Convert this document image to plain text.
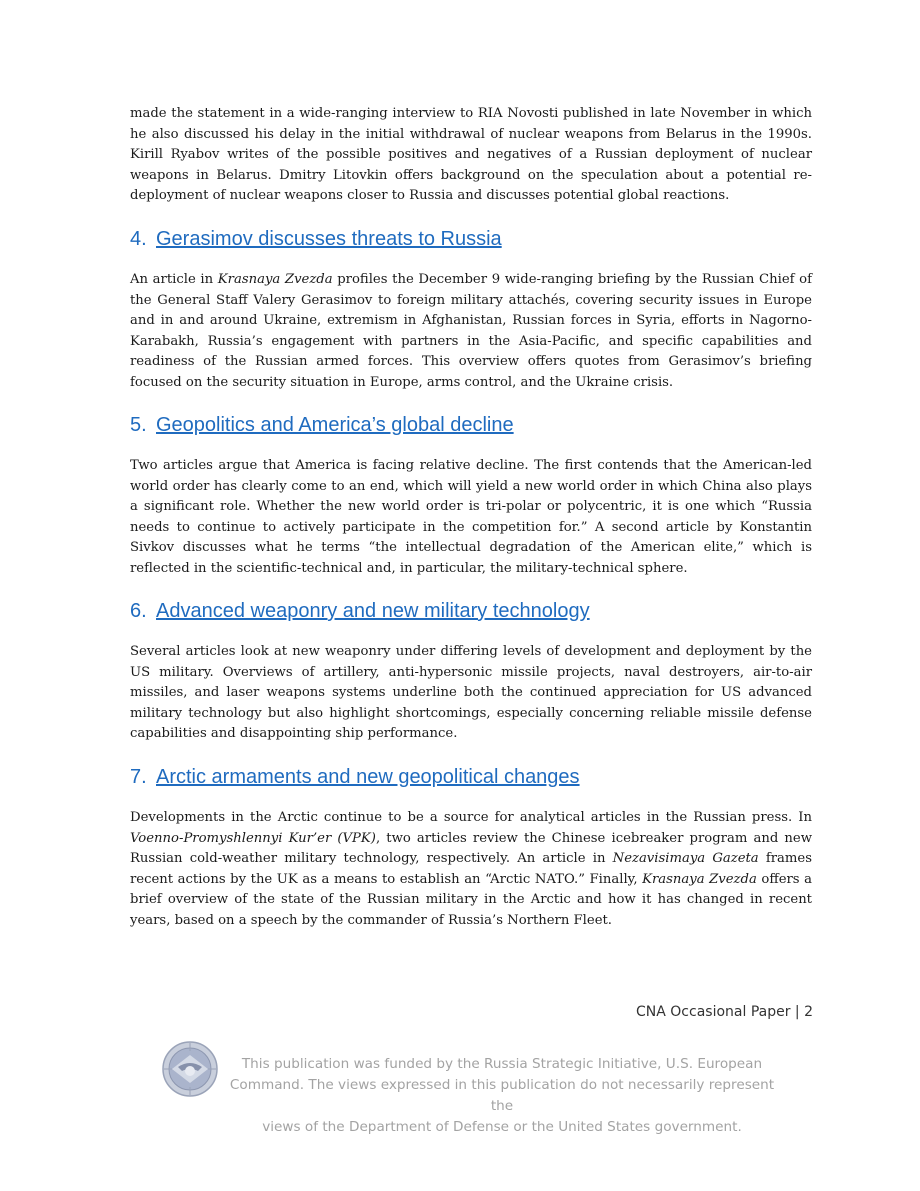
made the statement in a wide-ranging interview to RIA Novosti published in late November in which he also discussed his delay in the initial withdrawal of nuclear weapons from Belarus in the 1990s. Kirill Ryabov writes of the possible positives and negatives of a Russian deployment of nuclear weapons in Belarus. Dmitry Litovkin offers background on the speculation about a potential re-deployment of nuclear weapons closer to Russia and discusses potential global reactions.

4. Gerasimov discusses threats to Russia

An article in Krasnaya Zvezda profiles the December 9 wide-ranging briefing by the Russian Chief of the General Staff Valery Gerasimov to foreign military attachés, covering security issues in Europe and in and around Ukraine, extremism in Afghanistan, Russian forces in Syria, efforts in Nagorno-Karabakh, Russia’s engagement with partners in the Asia-Pacific, and specific capabilities and readiness of the Russian armed forces. This overview offers quotes from Gerasimov’s briefing focused on the security situation in Europe, arms control, and the Ukraine crisis.

5. Geopolitics and America’s global decline

Two articles argue that America is facing relative decline. The first contends that the American-led world order has clearly come to an end, which will yield a new world order in which China also plays a significant role. Whether the new world order is tri-polar or polycentric, it is one which “Russia needs to continue to actively participate in the competition for.” A second article by Konstantin Sivkov discusses what he terms “the intellectual degradation of the American elite,” which is reflected in the scientific-technical and, in particular, the military-technical sphere.

6. Advanced weaponry and new military technology

Several articles look at new weaponry under differing levels of development and deployment by the US military. Overviews of artillery, anti-hypersonic missile projects, naval destroyers, air-to-air missiles, and laser weapons systems underline both the continued appreciation for US advanced military technology but also highlight shortcomings, especially concerning reliable missile defense capabilities and disappointing ship performance.

7. Arctic armaments and new geopolitical changes

Developments in the Arctic continue to be a source for analytical articles in the Russian press. In Voenno-Promyshlennyi Kur’er (VPK), two articles review the Chinese icebreaker program and new Russian cold-weather military technology, respectively. An article in Nezavisimaya Gazeta frames recent actions by the UK as a means to establish an “Arctic NATO.” Finally, Krasnaya Zvezda offers a brief overview of the state of the Russian military in the Arctic and how it has changed in recent years, based on a speech by the commander of Russia’s Northern Fleet.

CNA Occasional Paper | 2
This publication was funded by the Russia Strategic Initiative, U.S. European
Command. The views expressed in this publication do not necessarily represent the
views of the Department of Defense or the United States government.
